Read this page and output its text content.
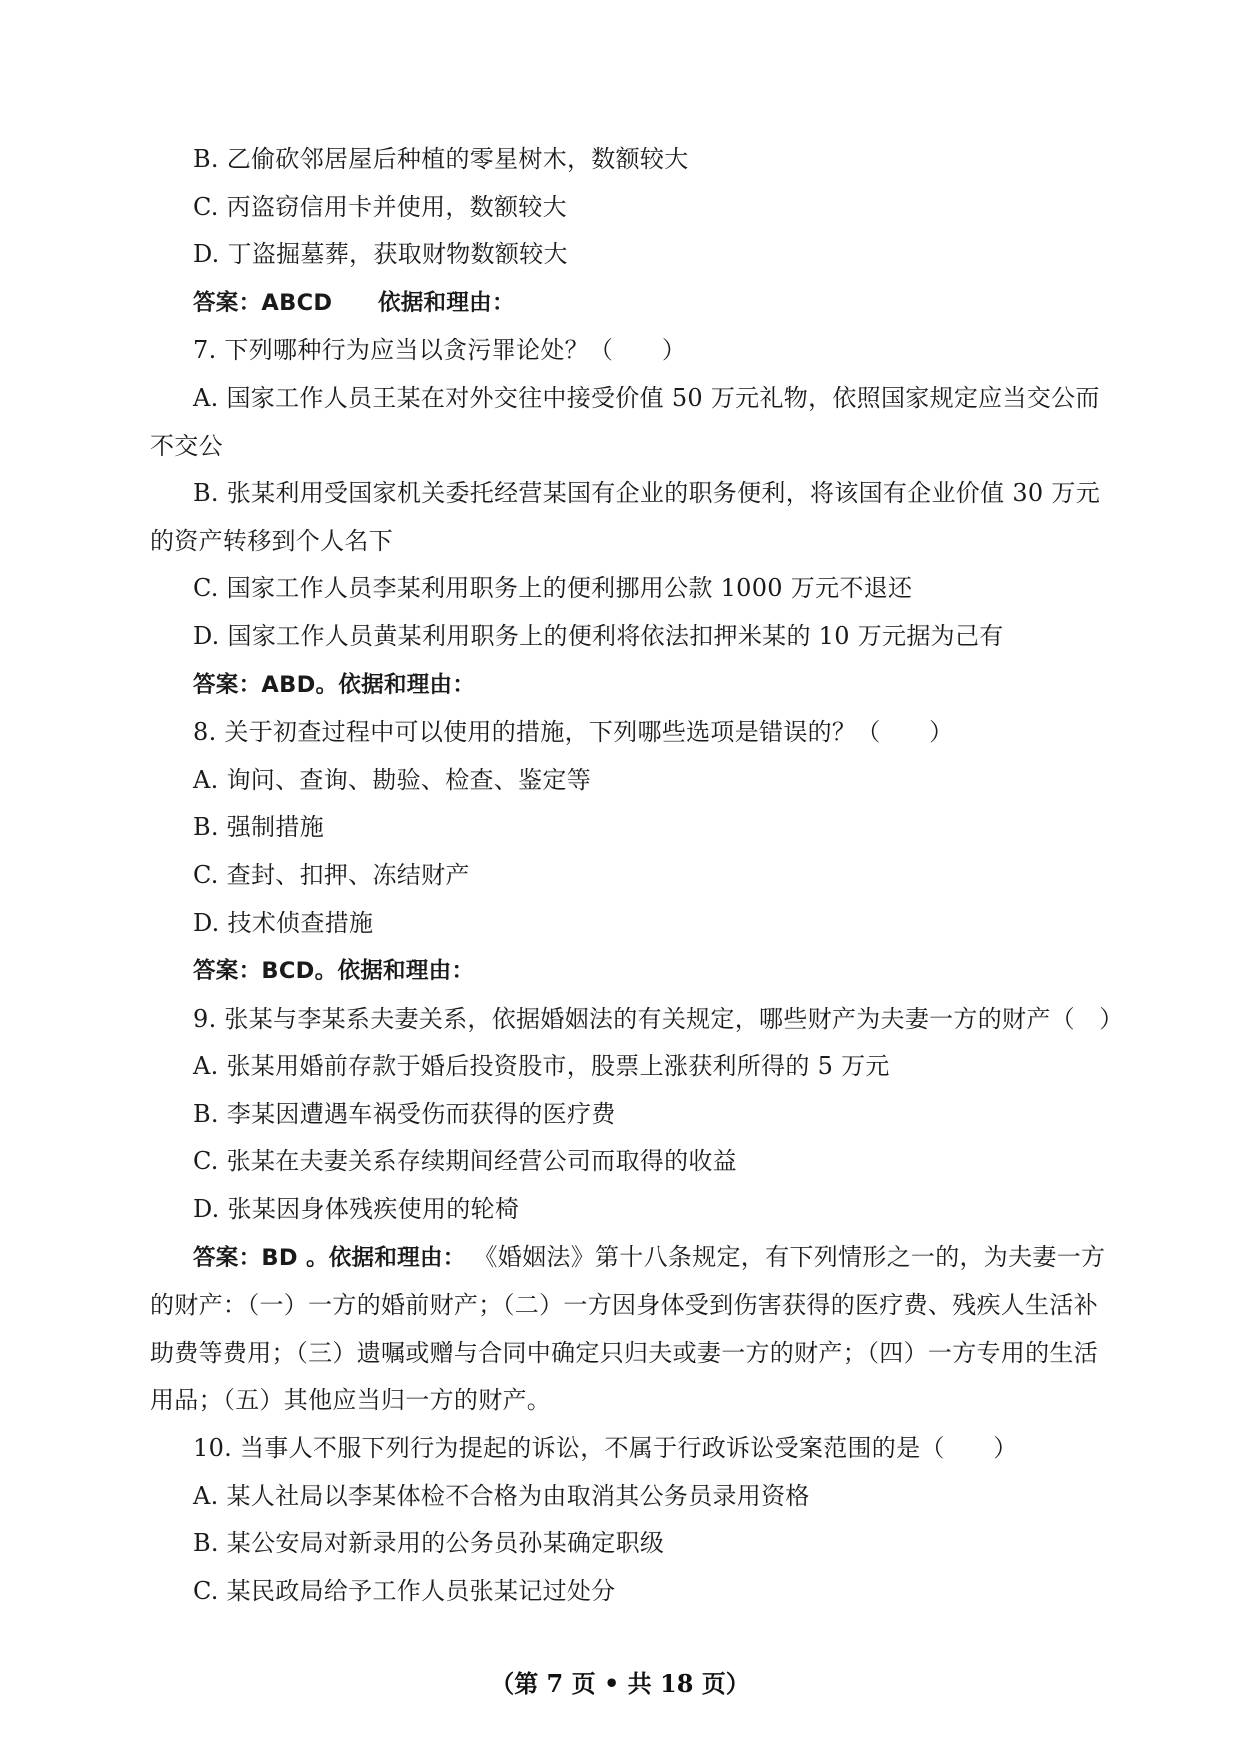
B. 乙偷砍邻居屋后种植的零星树木，数额较大

C. 丙盗窃信用卡并使用，数额较大

D. 丁盗掘墓葬，获取财物数额较大

答案：ABCD　　依据和理由：

7. 下列哪种行为应当以贪污罪论处？（　　）

A. 国家工作人员王某在对外交往中接受价值 50 万元礼物，依照国家规定应当交公而不交公

B. 张某利用受国家机关委托经营某国有企业的职务便利，将该国有企业价值 30 万元的资产转移到个人名下

C. 国家工作人员李某利用职务上的便利挪用公款 1000 万元不退还

D. 国家工作人员黄某利用职务上的便利将依法扣押米某的 10 万元据为己有

答案：ABD。依据和理由：

8. 关于初查过程中可以使用的措施，下列哪些选项是错误的？（　　）

A. 询问、查询、勘验、检查、鉴定等

B. 强制措施

C. 查封、扣押、冻结财产

D. 技术侦查措施

答案：BCD。依据和理由：

9. 张某与李某系夫妻关系，依据婚姻法的有关规定，哪些财产为夫妻一方的财产（　）

A. 张某用婚前存款于婚后投资股市，股票上涨获利所得的 5 万元

B. 李某因遭遇车祸受伤而获得的医疗费

C. 张某在夫妻关系存续期间经营公司而取得的收益

D. 张某因身体残疾使用的轮椅

答案：BD 。依据和理由： 《婚姻法》第十八条规定，有下列情形之一的，为夫妻一方的财产：（一）一方的婚前财产；（二）一方因身体受到伤害获得的医疗费、残疾人生活补助费等费用；（三）遗嘱或赠与合同中确定只归夫或妻一方的财产；（四）一方专用的生活用品；（五）其他应当归一方的财产。

10. 当事人不服下列行为提起的诉讼，不属于行政诉讼受案范围的是（　　）

A. 某人社局以李某体检不合格为由取消其公务员录用资格

B. 某公安局对新录用的公务员孙某确定职级

C. 某民政局给予工作人员张某记过处分

（第 7 页 • 共 18 页）
